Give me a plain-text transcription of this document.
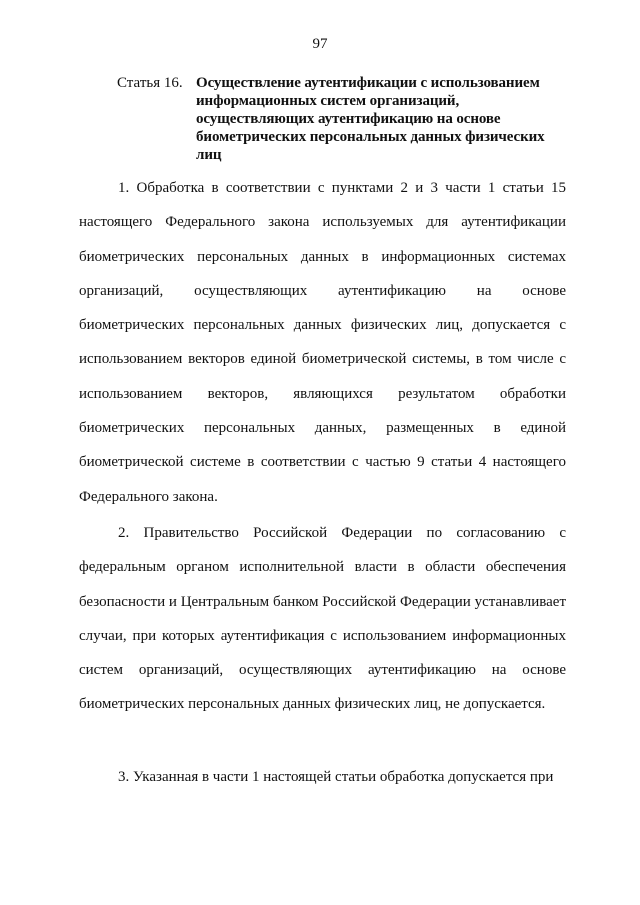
97
Статья 16. Осуществление аутентификации с использованием информационных систем организаций, осуществляющих аутентификацию на основе биометрических персональных данных физических лиц

1. Обработка в соответствии с пунктами 2 и 3 части 1 статьи 15 настоящего Федерального закона используемых для аутентификации биометрических персональных данных в информационных системах организаций, осуществляющих аутентификацию на основе биометрических персональных данных физических лиц, допускается с использованием векторов единой биометрической системы, в том числе с использованием векторов, являющихся результатом обработки биометрических персональных данных, размещенных в единой биометрической системе в соответствии с частью 9 статьи 4 настоящего Федерального закона.

2. Правительство Российской Федерации по согласованию с федеральным органом исполнительной власти в области обеспечения безопасности и Центральным банком Российской Федерации устанавливает случаи, при которых аутентификация с использованием информационных систем организаций, осуществляющих аутентификацию на основе биометрических персональных данных физических лиц, не допускается.

3. Указанная в части 1 настоящей статьи обработка допускается при
